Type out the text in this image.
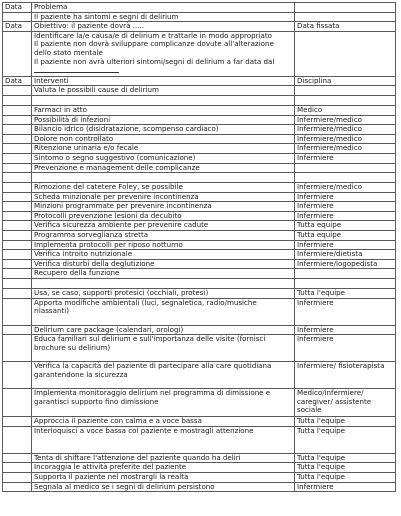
Data	Problema	
	Il paziente ha sintomi e segni di delirium	
Data	Obiettivo: il paziente dovrà .....	Data fissata

	Identificare la/e causa/e di delirium e trattarle in modo appropriato
Il paziente non dovrà sviluppare complicanze dovute all'alterazione dello stato mentale
Il paziente non avrà ulteriori sintomi/segni di delirium a far data dal	

Data	Interventi	Disciplina
	Valuta le possibili cause di delirium	

	Farmaci in atto	Medico
	Possibilità di infezioni	Infermiere/medico
	Bilancio idrico (disidratazione, scompenso cardiaco)	Infermiere/medico
	Dolore non controllato	Infermiere/medico
	Ritenzione urinaria e/o fecale	Infermiere/medico
	Sintomo o segno suggestivo (comunicazione)	Infermiere
	Prevenzione e management delle complicanze	

	Rimozione del catetere Foley, se possibile	Infermiere/medico
	Scheda minzionale per prevenire incontinenza	Infermiere
	Minzioni programmate per prevenire incontinenza	Infermiere
	Protocolli prevenzione lesioni da decubito	Infermiere
	Verifica sicurezza ambiente per prevenire cadute	Tutta equipe
	Programma sorveglianza stretta	Tutta equipe
	Implementa protocolli per riposo notturno	Infermiere
	Verifica introito nutrizionale	Infermiere/dietista
	Verifica disturbi della deglutizione	Infermiere/logopedista
	Recupero della funzione	

	Usa, se caso, supporti protesici (occhiali, protesi)	Tutta l'equipe
	Apporta modifiche ambientali (luci, segnaletica, radio/musiche rilassanti)	Infermiere
	Delirium care package (calendari, orologi)	Infermiere
	Educa familiari sul delirium e sull'importanza delle visite (fornisci brochure su delirium)	Infermiere
	Verifica la capacità del paziente di partecipare alla care quotidiana garantendone la sicurezza	Infermiere/ fisioterapista
	Implementa monitoraggio delirium nel programma di dimissione e garantisci supporto fino dimissione	Medico/infermiere/ caregiver/ assistente sociale
	Approccia il paziente con calma e a voce bassa	Tutta l'equipe
	Interloquisci a voce bassa col paziente e mostragli attenzione	Tutta l'equipe
	Tenta di shiftare l'attenzione del paziente quando ha deliri	Tutta l'equipe
	Incoraggia le attività preferite del paziente	Tutta l'equipe
	Supporta il paziente nel mostrargli la realtà	Tutta l'equipe
	Segnala al medico se i segni di delirium persistono	Infermiere
